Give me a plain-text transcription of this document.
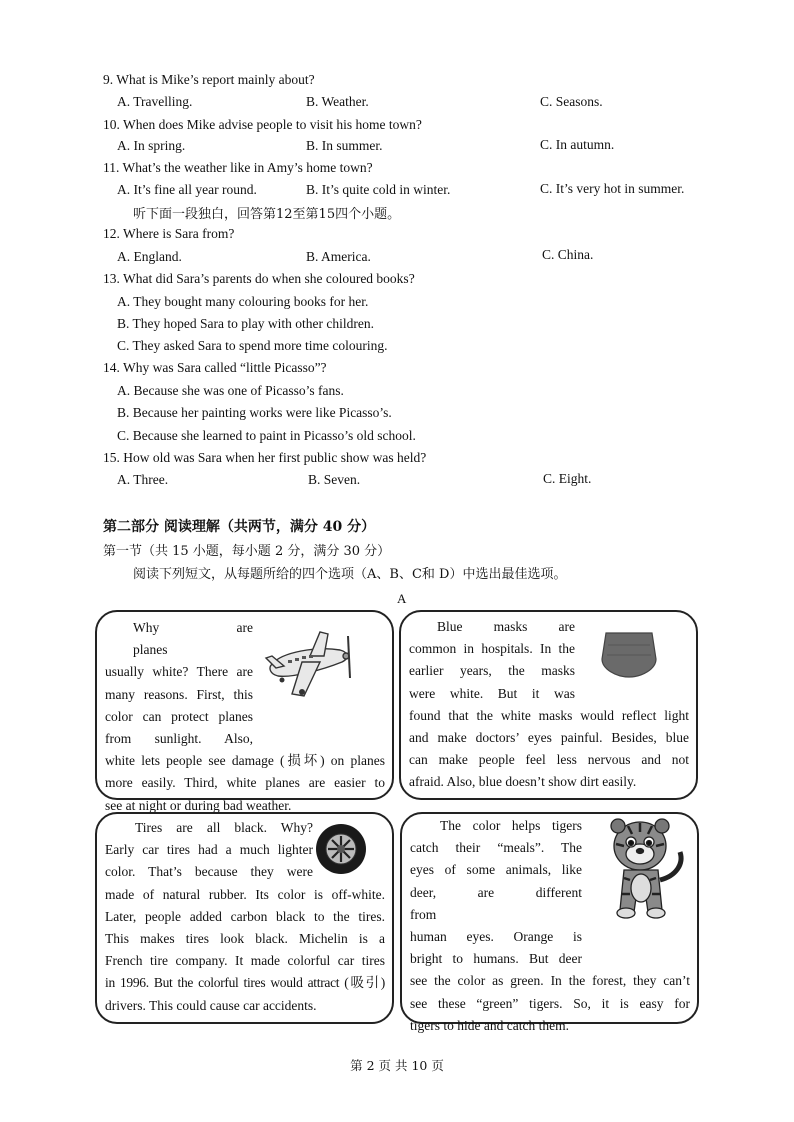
9. What is Mike’s report mainly about?
A. Travelling.	B. Weather.	C. Seasons.
10. When does Mike advise people to visit his home town?
A. In spring.	B. In summer.	C. In autumn.
11. What’s the weather like in Amy’s home town?
A. It’s fine all year round.	B. It’s quite cold in winter.	C. It’s very hot in summer.
听下面一段独白，回答第12至第15四个小题。
12. Where is Sara from?
A. England.	B. America.	C. China.
13. What did Sara’s parents do when she coloured books?
A. They bought many colouring books for her.
B. They hoped Sara to play with other children.
C. They asked Sara to spend more time colouring.
14. Why was Sara called “little Picasso”?
A. Because she was one of Picasso’s fans.
B. Because her painting works were like Picasso’s.
C. Because she learned to paint in Picasso’s old school.
15. How old was Sara when her first public show was held?
A. Three.	B. Seven.	C. Eight.
第二部分 阅读理解（共两节，满分 40 分）
第一节（共 15 小题，每小题 2 分，满分 30 分）
阅读下列短文，从每题所给的四个选项（A、B、C和 D）中选出最佳选项。
A

Why are planes

usually white? There are

many reasons. First, this

color can protect planes

from sunlight. Also,

white lets people see damage (损坏) on planes

more easily. Third, white planes are easier to

see at night or during bad weather.

Blue masks are

common in hospitals. In the

earlier years, the masks

were white. But it was

found that the white masks would reflect light

and make doctors’ eyes painful. Besides, blue

can make people feel less nervous and not

afraid. Also, blue doesn’t show dirt easily.

Tires are all black. Why?

Early car tires had a much lighter

color. That’s because they were

made of natural rubber. Its color is off-white.

Later, people added carbon black to the tires.

This makes tires look black. Michelin is a

French tire company. It made colorful car tires

in 1996. But the colorful tires would attract (吸引)

drivers. This could cause car accidents.

The color helps tigers

catch their “meals”. The

eyes of some animals, like

deer, are different from

human eyes. Orange is

bright to humans. But deer

see the color as green. In the forest, they can’t

see these “green” tigers. So, it is easy for

tigers to hide and catch them.

第 2 页 共 10 页
